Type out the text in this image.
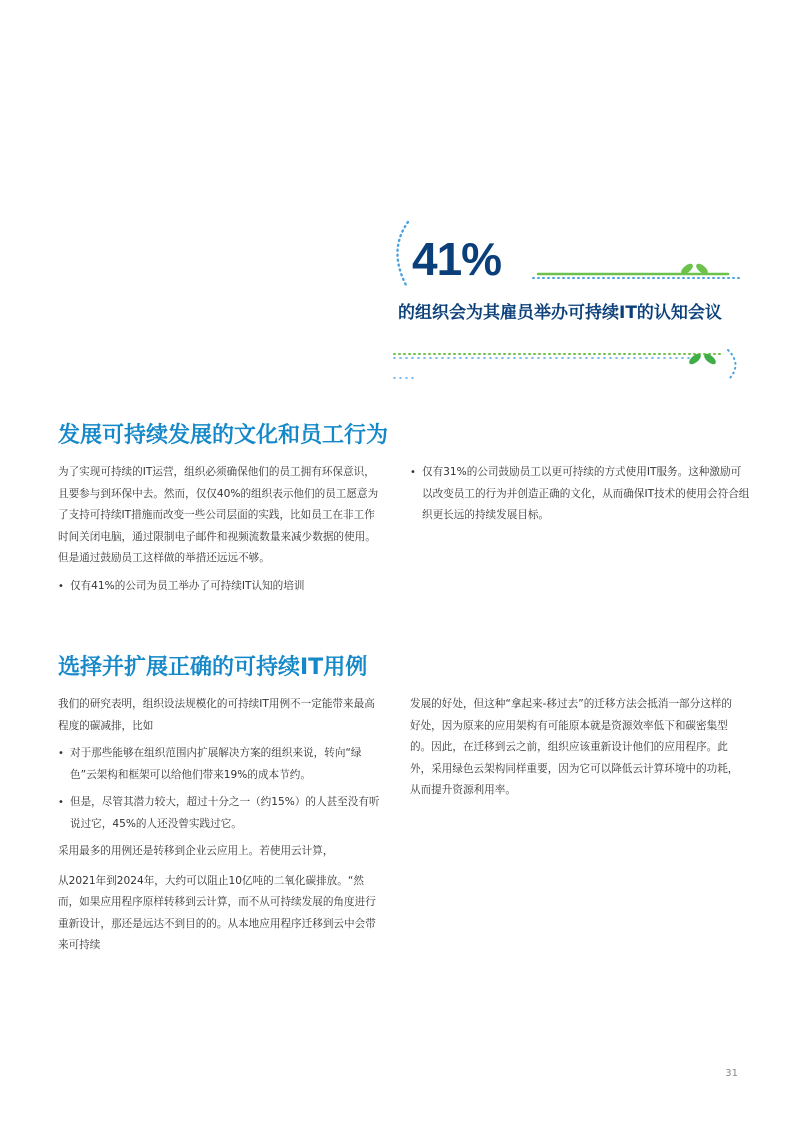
41%
的组织会为其雇员举办可持续IT的认知会议
发展可持续发展的文化和员工行为

为了实现可持续的IT运营，组织必须确保他们的员工拥有环保意识，且要参与到环保中去。然而，仅仅40%的组织表示他们的员工愿意为了支持可持续IT措施而改变一些公司层面的实践，比如员工在非工作时间关闭电脑，通过限制电子邮件和视频流数量来减少数据的使用。但是通过鼓励员工这样做的举措还远远不够。

• 仅有41%的公司为员工举办了可持续IT认知的培训
• 仅有31%的公司鼓励员工以更可持续的方式使用IT服务。这种激励可以改变员工的行为并创造正确的文化，从而确保IT技术的使用会符合组织更长远的持续发展目标。
选择并扩展正确的可持续IT用例

我们的研究表明，组织设法规模化的可持续IT用例不一定能带来最高程度的碳减排，比如

• 对于那些能够在组织范围内扩展解决方案的组织来说，转向“绿色”云架构和框架可以给他们带来19%的成本节约。
• 但是，尽管其潜力较大，超过十分之一（约15%）的人甚至没有听说过它，45%的人还没曾实践过它。

采用最多的用例还是转移到企业云应用上。若使用云计算，

从2021年到2024年，大约可以阻止10亿吨的二氧化碳排放。“然而，如果应用程序原样转移到云计算，而不从可持续发展的角度进行重新设计，那还是远达不到目的的。从本地应用程序迁移到云中会带来可持续

发展的好处，但这种“拿起来-移过去”的迁移方法会抵消一部分这样的好处，因为原来的应用架构有可能原本就是资源效率低下和碳密集型的。因此，在迁移到云之前，组织应该重新设计他们的应用程序。此外，采用绿色云架构同样重要，因为它可以降低云计算环境中的功耗，从而提升资源利用率。

31
